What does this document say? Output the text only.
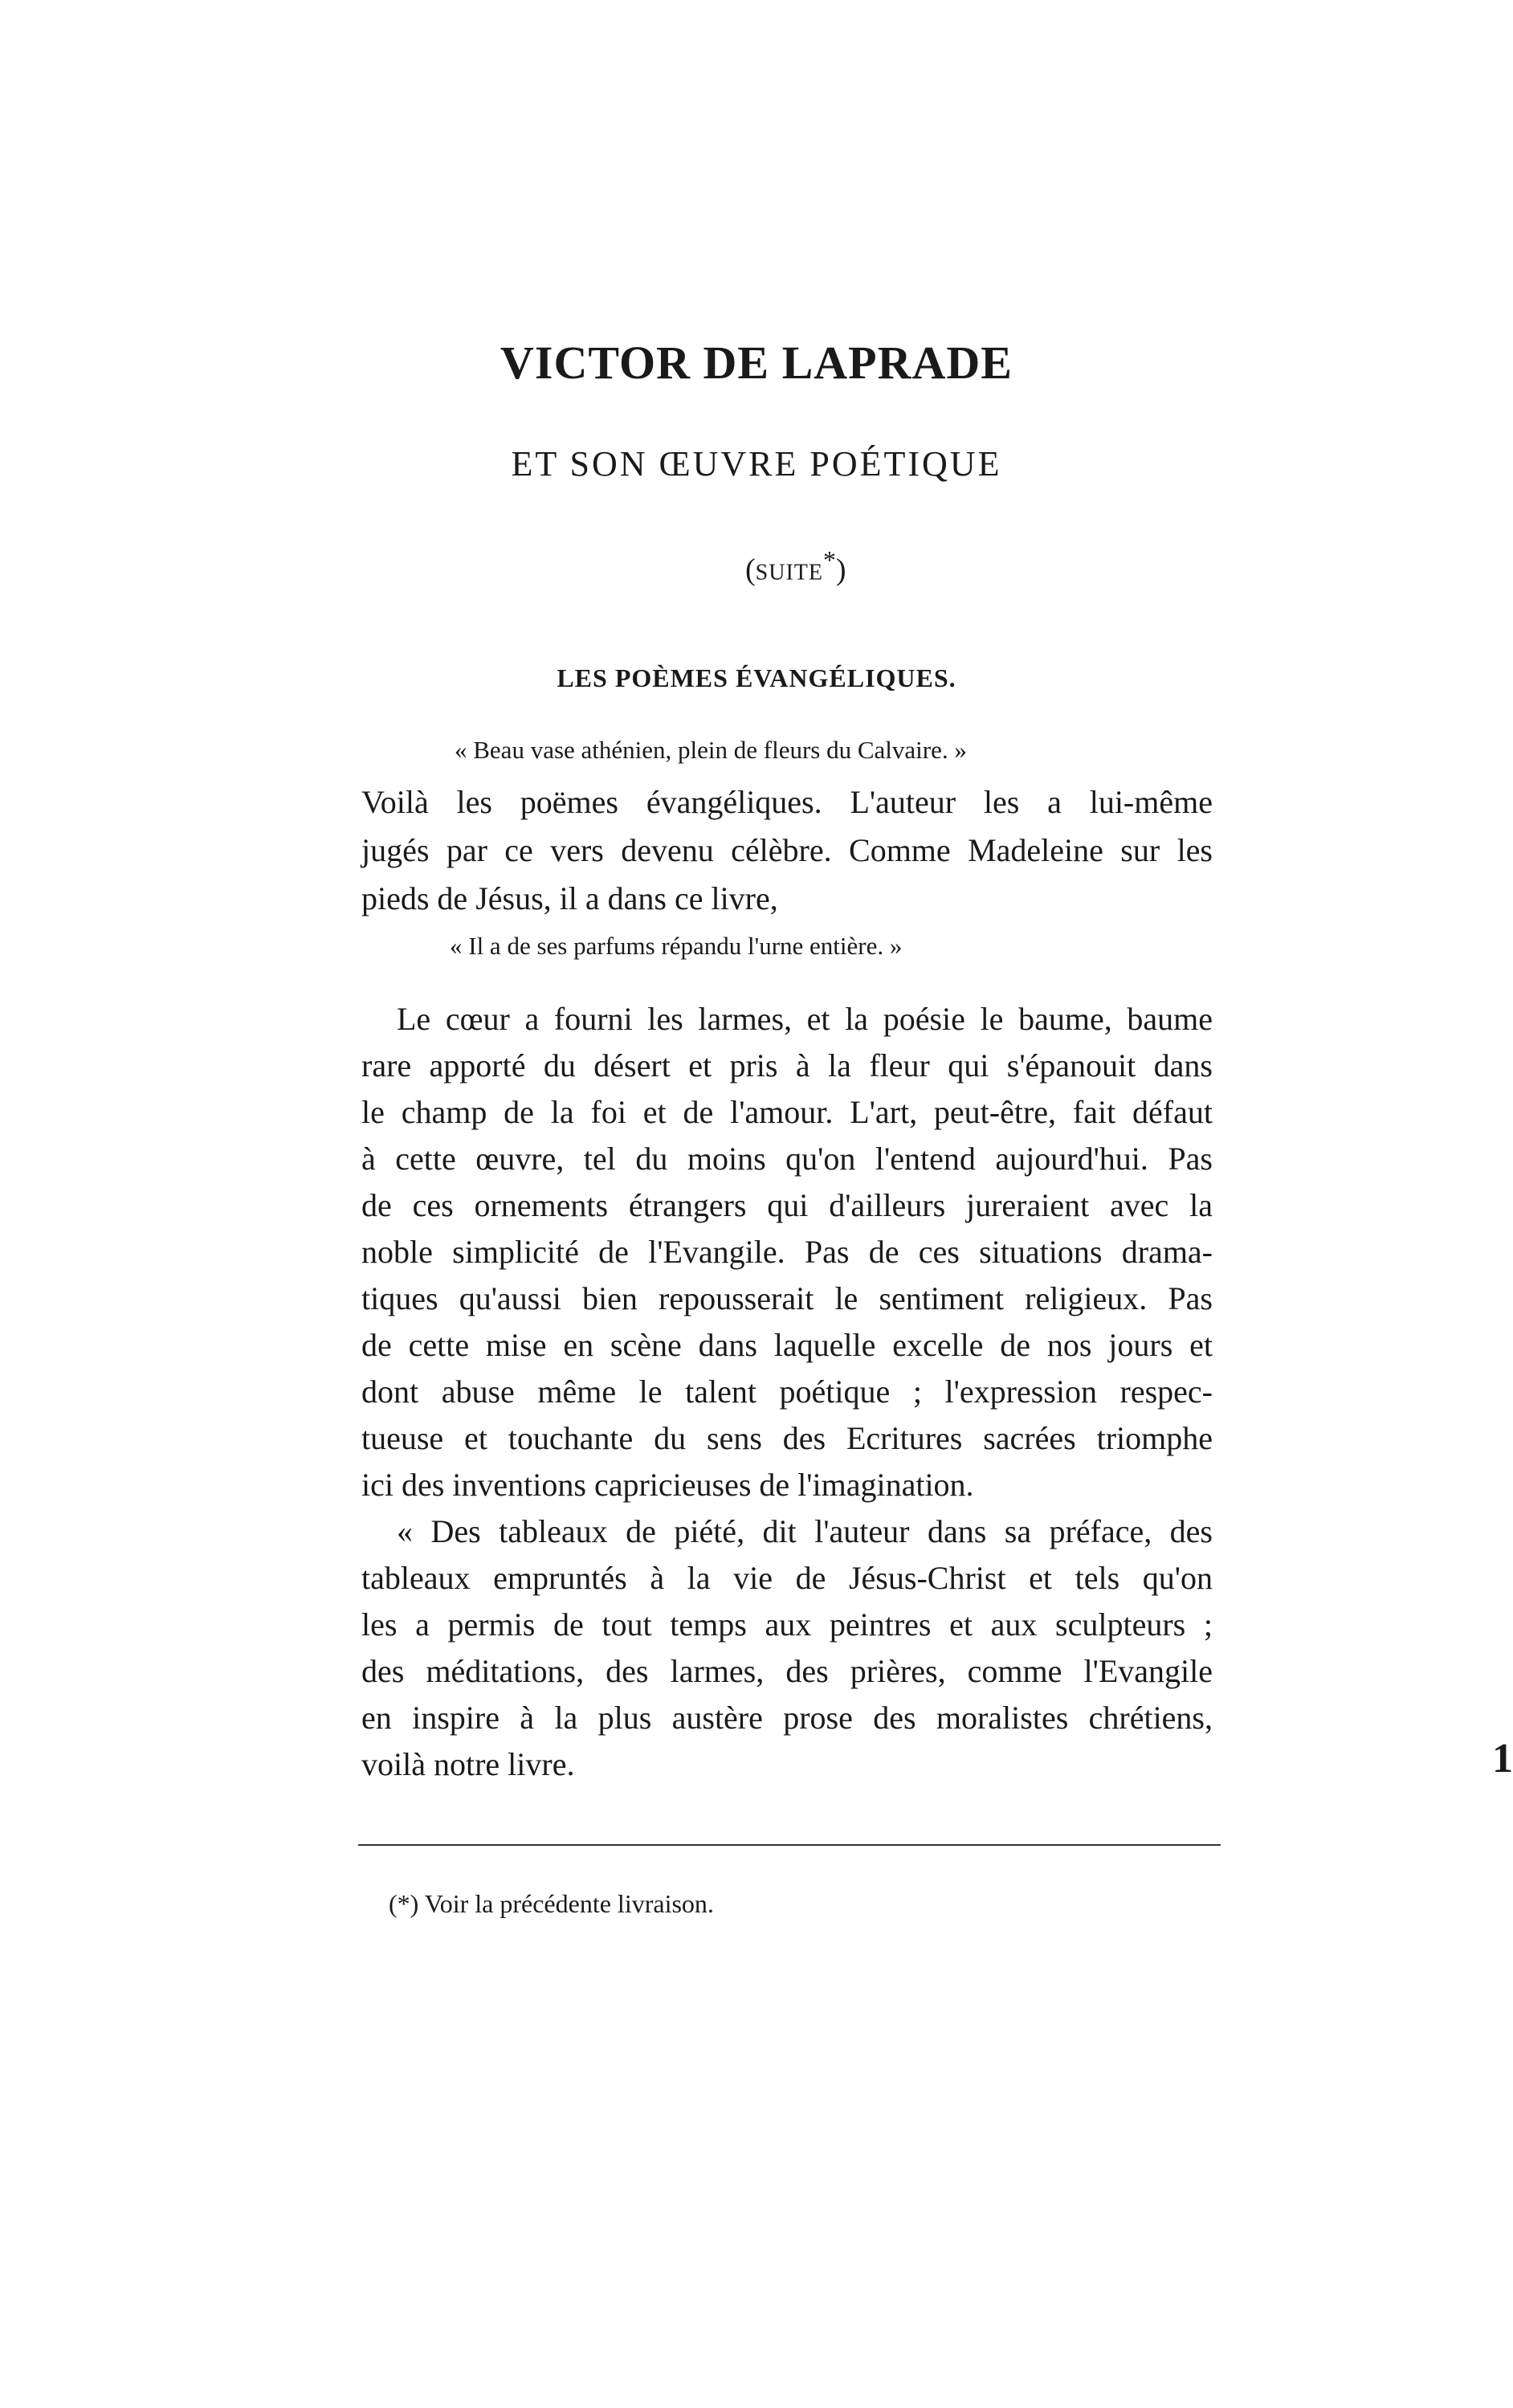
VICTOR DE LAPRADE
ET SON ŒUVRE POÉTIQUE
(SUITE*)
LES POÈMES ÉVANGÉLIQUES.
« Beau vase athénien, plein de fleurs du Calvaire. »
Voilà les poëmes évangéliques. L'auteur les a lui-même
jugés par ce vers devenu célèbre. Comme Madeleine sur les
pieds de Jésus, il a dans ce livre,
« Il a de ses parfums répandu l'urne entière. »
Le cœur a fourni les larmes, et la poésie le baume, baume
rare apporté du désert et pris à la fleur qui s'épanouit dans
le champ de la foi et de l'amour. L'art, peut-être, fait défaut
à cette œuvre, tel du moins qu'on l'entend aujourd'hui. Pas
de ces ornements étrangers qui d'ailleurs jureraient avec la
noble simplicité de l'Evangile. Pas de ces situations drama-
tiques qu'aussi bien repousserait le sentiment religieux. Pas
de cette mise en scène dans laquelle excelle de nos jours et
dont abuse même le talent poétique ; l'expression respec-
tueuse et touchante du sens des Ecritures sacrées triomphe
ici des inventions capricieuses de l'imagination.
« Des tableaux de piété, dit l'auteur dans sa préface, des
tableaux empruntés à la vie de Jésus-Christ et tels qu'on
les a permis de tout temps aux peintres et aux sculpteurs ;
des méditations, des larmes, des prières, comme l'Evangile
en inspire à la plus austère prose des moralistes chrétiens,
voilà notre livre.
(*) Voir la précédente livraison.
1
